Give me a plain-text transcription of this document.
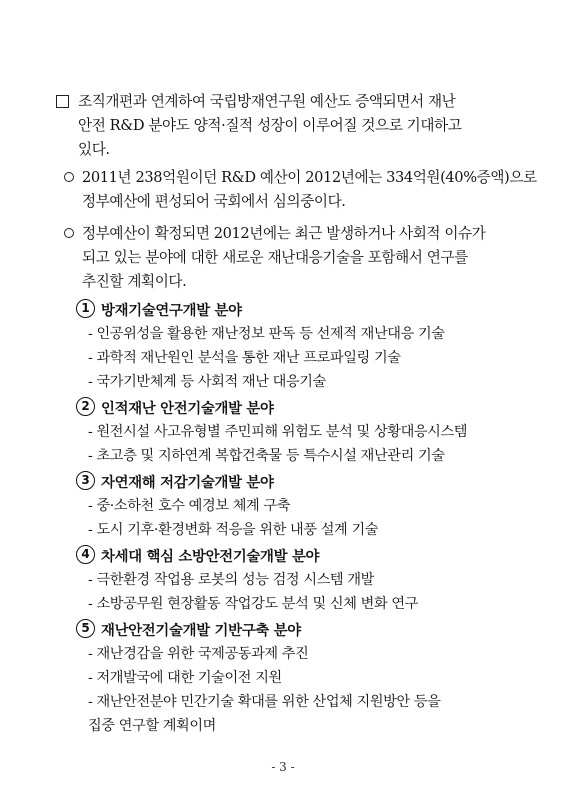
조직개편과 연계하여 국립방재연구원 예산도 증액되면서 재난
안전 R&D 분야도 양적·질적 성장이 이루어질 것으로 기대하고
있다.
2011년 238억원이던 R&D 예산이 2012년에는 334억원(40%증액)으로
정부예산에 편성되어 국회에서 심의중이다.
정부예산이 확정되면 2012년에는 최근 발생하거나 사회적 이슈가
되고 있는 분야에 대한 새로운 재난대응기술을 포함해서 연구를
추진할 계획이다.
1 방재기술연구개발 분야
- 인공위성을 활용한 재난정보 판독 등 선제적 재난대응 기술
- 과학적 재난원인 분석을 통한 재난 프로파일링 기술
- 국가기반체계 등 사회적 재난 대응기술
2 인적재난 안전기술개발 분야
- 원전시설 사고유형별 주민피해 위험도 분석 및 상황대응시스템
- 초고층 및 지하연계 복합건축물 등 특수시설 재난관리 기술
3 자연재해 저감기술개발 분야
- 중·소하천 호수 예경보 체계 구축
- 도시 기후·환경변화 적응을 위한 내풍 설계 기술
4 차세대 핵심 소방안전기술개발 분야
- 극한환경 작업용 로봇의 성능 검정 시스템 개발
- 소방공무원 현장활동 작업강도 분석 및 신체 변화 연구
5 재난안전기술개발 기반구축 분야
- 재난경감을 위한 국제공동과제 추진
- 저개발국에 대한 기술이전 지원
- 재난안전분야 민간기술 확대를 위한 산업체 지원방안 등을
집중 연구할 계획이며
- 3 -
